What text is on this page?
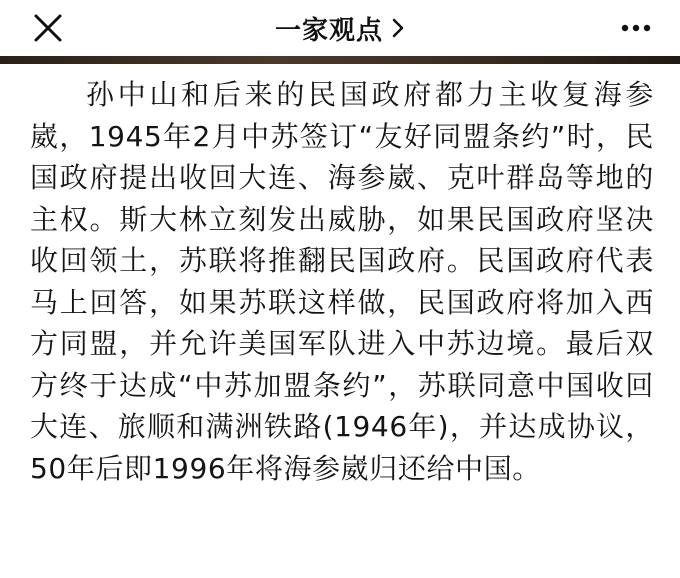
一家观点

孙中山和后来的民国政府都力主收复海参崴，1945年2月中苏签订“友好同盟条约”时，民国政府提出收回大连、海参崴、克叶群岛等地的主权。斯大林立刻发出威胁，如果民国政府坚决收回领土，苏联将推翻民国政府。民国政府代表马上回答，如果苏联这样做，民国政府将加入西方同盟，并允许美国军队进入中苏边境。最后双方终于达成“中苏加盟条约”，苏联同意中国收回大连、旅顺和满洲铁路(1946年)，并达成协议，50年后即1996年将海参崴归还给中国。
